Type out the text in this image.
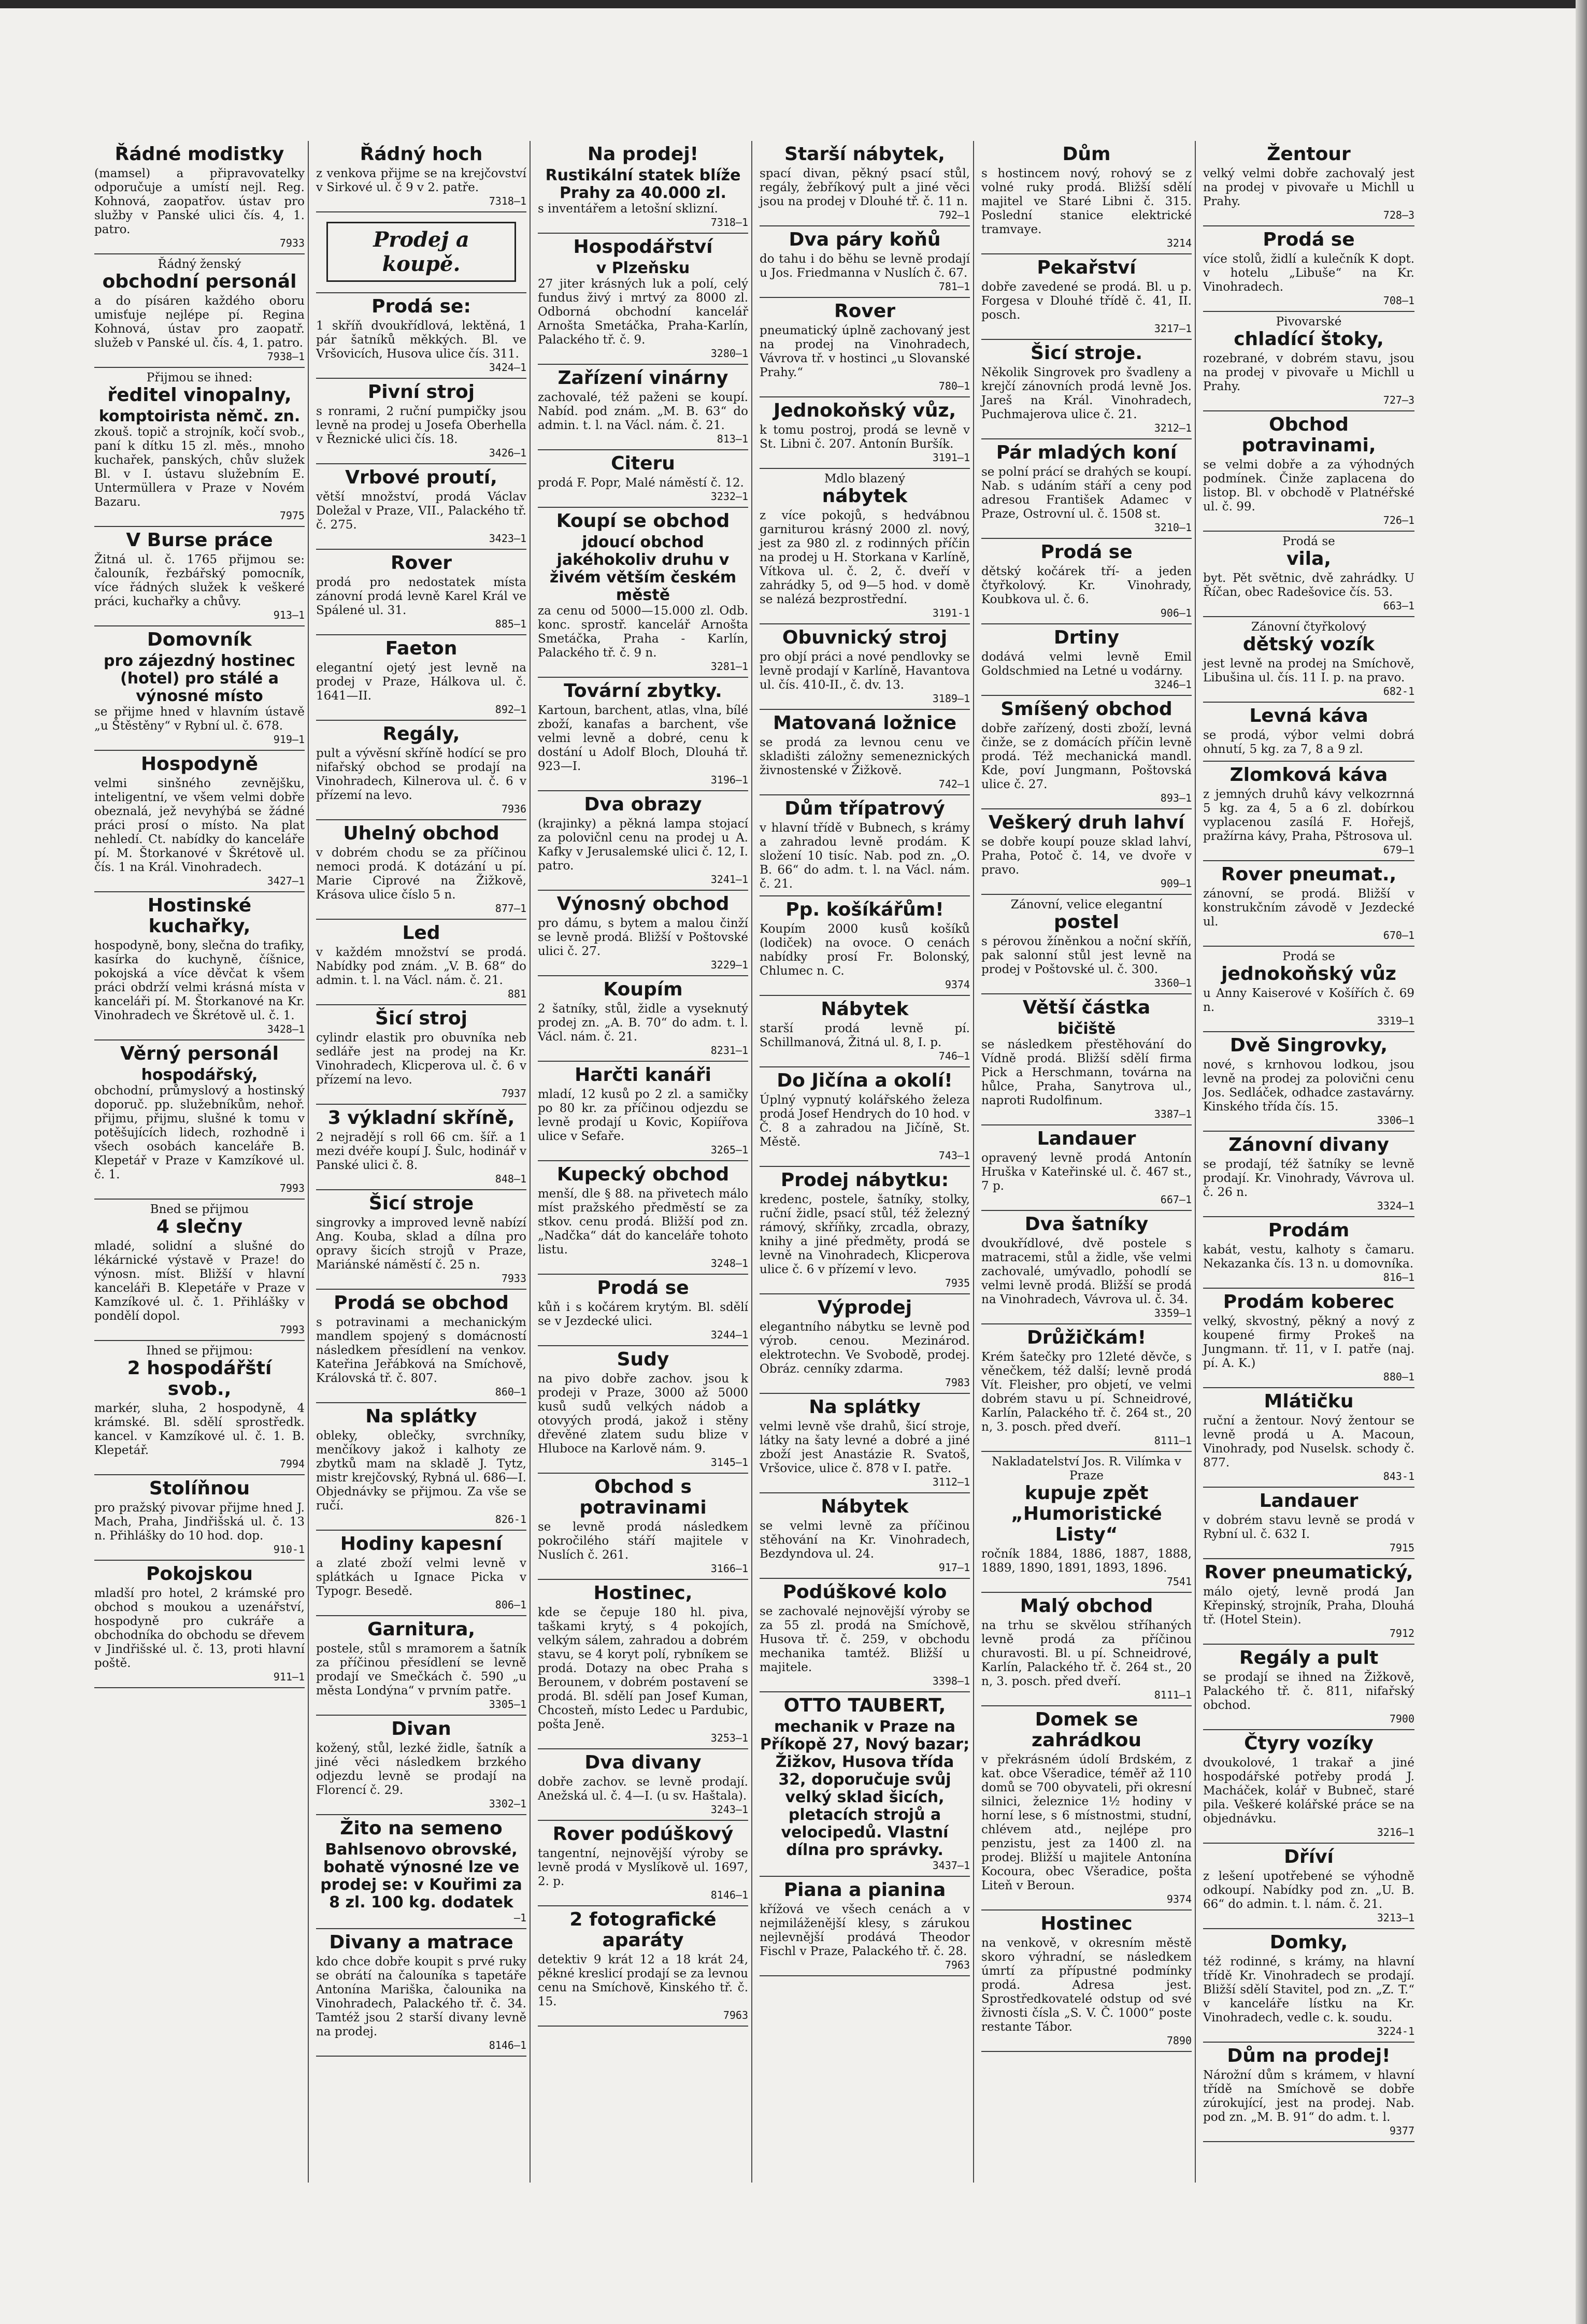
Řádné modistky
(mamsel) a připravovatelky odporučuje a umístí nejl. Reg. Kohnová, zaopatřov. ústav pro služby v Panské ulici čís. 4, 1. patro.
7933
Řádný ženský
obchodní personál
a do písáren každého oboru umisťuje nejlépe pí. Regina Kohnová, ústav pro zaopatř. služeb v Panské ul. čís. 4, 1. patro.
7938—1
Přijmou se ihned:
ředitel vinopalny,
komptoirista němč. zn.
zkouš. topič a strojník, kočí svob., paní k dítku 15 zl. měs., mnoho kuchařek, panských, chův služek Bl. v I. ústavu služebním E. Untermüllera v Praze v Novém Bazaru.
7975
V Burse práce
Žitná ul. č. 1765 přijmou se: čalouník, řezbářský pomocník, více řádných služek k veškeré práci, kuchařky a chůvy.
913—1
Domovník
pro zájezdný hostinec (hotel) pro stálé a výnosné místo
se přijme hned v hlavním ústavě „u Štěstěny“ v Rybní ul. č. 678.
919—1
Hospodyně
velmi sinšného zevnějšku, inteligentní, ve všem velmi dobře obeznalá, jež nevyhýbá se žádné práci prosí o místo. Na plat nehledí. Ct. nabídky do kanceláře pí. M. Štorkanové v Škrétově ul. čís. 1 na Král. Vinohradech.
3427—1
Hostinské kuchařky,
hospodyně, bony, slečna do trafiky, kasírka do kuchyně, číšnice, pokojská a více děvčat k všem práci obdrží velmi krásná místa v kanceláři pí. M. Štorkanové na Kr. Vinohradech ve Škrétově ul. č. 1.
3428—1
Věrný personál
hospodářský,
obchodní, průmyslový a hostinský doporuč. pp. služebníkům, nehoř. přijmu, přijmu, slušné k tomu v potěšujících lidech, rozhodně i všech osobách kanceláře B. Klepetář v Praze v Kamzíkové ul. č. 1.
7993
Bned se přijmou
4 slečny
mladé, solidní a slušné do lékárnické výstavě v Praze! do výnosn. míst. Bližší v hlavní kanceláři B. Klepetáře v Praze v Kamzíkové ul. č. 1. Přihlášky v pondělí dopol.
7993
Ihned se přijmou:
2 hospodářští svob.,
markér, sluha, 2 hospodyně, 4 krámské. Bl. sdělí sprostředk. kancel. v Kamzíkové ul. č. 1. B. Klepetář.
7994
Stolíňnou
pro pražský pivovar přijme hned J. Mach, Praha, Jindřišská ul. č. 13 n. Přihlášky do 10 hod. dop.
910-1
Pokojskou
mladší pro hotel, 2 krámské pro obchod s moukou a uzenářství, hospodyně pro cukráře a obchodníka do obchodu se dřevem v Jindřišské ul. č. 13, proti hlavní poště.
911—1
Řádný hoch
z venkova přijme se na krejčovství v Sirkové ul. č 9 v 2. patře.
7318—1
Prodej a koupě.
Prodá se:
1 skříň dvoukřídlová, lektěná, 1 pár šatníků měkkých. Bl. ve Vršovicích, Husova ulice čís. 311.
3424—1
Pivní stroj
s ronrami, 2 ruční pumpičky jsou levně na prodej u Josefa Oberhella v Řeznické ulici čís. 18.
3426—1
Vrbové proutí,
větší množství, prodá Václav Doležal v Praze, VII., Palackého tř. č. 275.
3423—1
Rover
prodá pro nedostatek místa zánovní prodá levně Karel Král ve Spálené ul. 31.
885—1
Faeton
elegantní ojetý jest levně na prodej v Praze, Hálkova ul. č. 1641—II.
892—1
Regály,
pult a vývěsní skříně hodící se pro nifařský obchod se prodají na Vinohradech, Kilnerova ul. č. 6 v přízemí na levo.
7936
Uhelný obchod
v dobrém chodu se za příčinou nemoci prodá. K dotázání u pí. Marie Ciprové na Žižkově, Krásova ulice číslo 5 n.
877—1
Led
v každém množství se prodá. Nabídky pod znám. „V. B. 68“ do admin. t. l. na Václ. nám. č. 21.
881
Šicí stroj
cylindr elastik pro obuvníka neb sedláře jest na prodej na Kr. Vinohradech, Klicperova ul. č. 6 v přízemí na levo.
7937
3 výkladní skříně,
2 nejradějí s roll 66 cm. šíř. a 1 mezi dvéře koupí J. Šulc, hodinář v Panské ulici č. 8.
848—1
Šicí stroje
singrovky a improved levně nabízí Ang. Kouba, sklad a dílna pro opravy šicích strojů v Praze, Mariánské náměstí č. 25 n.
7933
Prodá se obchod
s potravinami a mechanickým mandlem spojený s domácností následkem přesídlení na venkov. Kateřina Jeřábková na Smíchově, Královská tř. č. 807.
860—1
Na splátky
obleky, oblečky, svrchníky, menčíkovy jakož i kalhoty ze zbytků mam na skladě J. Tytz, mistr krejčovský, Rybná ul. 686—I. Objednávky se přijmou. Za vše se ručí.
826-1
Hodiny kapesní
a zlaté zboží velmi levně v splátkách u Ignace Picka v Typogr. Besedě.
806—1
Garnitura,
postele, stůl s mramorem a šatník za příčinou přesídlení se levně prodají ve Smečkách č. 590 „u města Londýna“ v prvním patře.
3305—1
Divan
kožený, stůl, lezké židle, šatník a jiné věci následkem brzkého odjezdu levně se prodají na Florencí č. 29.
3302—1
Žito na semeno
Bahlsenovo obrovské, bohatě výnosné lze ve prodej se: v Kouřimi za 8 zl. 100 kg. dodatek
—1
Divany a matrace
kdo chce dobře koupit s prvé ruky se obrátí na čalouníka s tapetáře Antonína Mariška, čalounika na Vinohradech, Palackého tř. č. 34. Tamtéž jsou 2 starší divany levně na prodej.
8146—1
Na prodej!
Rustikální statek blíže Prahy za 40.000 zl.
s inventářem a letošní sklizní.
7318—1
Hospodářství
v Plzeňsku
27 jiter krásných luk a polí, celý fundus živý i mrtvý za 8000 zl. Odborná obchodní kancelář Arnošta Smetáčka, Praha-Karlín, Palackého tř. č. 9.
3280—1
Zařízení vinárny
zachovalé, též paženi se koupí. Nabíd. pod znám. „M. B. 63“ do admin. t. l. na Václ. nám. č. 21.
813—1
Citeru
prodá F. Popr, Malé náměstí č. 12.
3232—1
Koupí se obchod
jdoucí obchod jakéhokoliv druhu v živém větším českém městě
za cenu od 5000—15.000 zl. Odb. konc. sprostř. kancelář Arnošta Smetáčka, Praha - Karlín, Palackého tř. č. 9 n.
3281—1
Tovární zbytky.
Kartoun, barchent, atlas, vlna, bílé zboží, kanafas a barchent, vše velmi levně a dobré, cenu k dostání u Adolf Bloch, Dlouhá tř. 923—I.
3196—1
Dva obrazy
(krajinky) a pěkná lampa stojací za polovičnl cenu na prodej u A. Kafky v Jerusalemské ulici č. 12, I. patro.
3241—1
Výnosný obchod
pro dámu, s bytem a malou činží se levně prodá. Bližší v Poštovské ulici č. 27.
3229—1
Koupím
2 šatníky, stůl, židle a vyseknutý prodej zn. „A. B. 70“ do adm. t. l. Václ. nám. č. 21.
8231—1
Harčti kanáři
mladí, 12 kusů po 2 zl. a samičky po 80 kr. za příčinou odjezdu se levně prodají u Kovic, Kopiířova ulice v Sefaře.
3265—1
Kupecký obchod
menší, dle § 88. na přivetech málo míst pražského předměstí se za stkov. cenu prodá. Bližší pod zn. „Nadčka“ dát do kanceláře tohoto listu.
3248—1
Prodá se
kůň i s kočárem krytým. Bl. sdělí se v Jezdecké ulici.
3244—1
Sudy
na pivo dobře zachov. jsou k prodeji v Praze, 3000 až 5000 kusů sudů velkých nádob a otovyých prodá, jakož i stěny dřevěné zlatem sudu blize v Hluboce na Karlově nám. 9.
3145—1
Obchod s potravinami
se levně prodá následkem pokročilého stáří majitele v Nuslích č. 261.
3166—1
Hostinec,
kde se čepuje 180 hl. piva, taškami krytý, s 4 pokojích, velkým sálem, zahradou a dobrém stavu, se 4 koryt polí, rybníkem se prodá. Dotazy na obec Praha s Berounem, v dobrém postavení se prodá. Bl. sdělí pan Josef Kuman, Chcosteň, místo Ledec u Pardubic, pošta Jeně.
3253—1
Dva divany
dobře zachov. se levně prodají. Anežská ul. č. 4—I. (u sv. Haštala).
3243—1
Rover podúškový
tangentní, nejnovější výroby se levně prodá v Myslíkově ul. 1697, 2. p.
8146—1
2 fotografické aparáty
detektiv 9 krát 12 a 18 krát 24, pěkné kreslicí prodají se za levnou cenu na Smíchově, Kinského tř. č. 15.
7963
Starší nábytek,
spací divan, pěkný psací stůl, regály, žebříkový pult a jiné věci jsou na prodej v Dlouhé tř. č. 11 n.
792—1
Dva páry koňů
do tahu i do běhu se levně prodají u Jos. Friedmanna v Nuslích č. 67.
781—1
Rover
pneumatický úplně zachovaný jest na prodej na Vinohradech, Vávrova tř. v hostinci „u Slovanské Prahy.“
780—1
Jednokoňský vůz,
k tomu postroj, prodá se levně v St. Libni č. 207. Antonín Buršík.
3191—1
Mdlo blazený
nábytek
z více pokojů, s hedvábnou garniturou krásný 2000 zl. nový, jest za 980 zl. z rodinných příčin na prodej u H. Storkana v Karlíně, Vítkova ul. č. 2, č. dveří v zahrádky 5, od 9—5 hod. v domě se nalézá bezprostřední.
3191-1
Obuvnický stroj
pro objí práci a nové pendlovky se levně prodají v Karlíně, Havantova ul. čís. 410-II., č. dv. 13.
3189—1
Matovaná ložnice
se prodá za levnou cenu ve skladišti záložny semeneznických živnostenské v Žižkově.
742—1
Dům třípatrový
v hlavní třídě v Bubnech, s krámy a zahradou levně prodám. K složení 10 tisíc. Nab. pod zn. „O. B. 66“ do adm. t. l. na Václ. nám. č. 21.
Pp. košíkářům!
Koupím 2000 kusů košíků (lodiček) na ovoce. O cenách nabídky prosí Fr. Bolonský, Chlumec n. C.
9374
Nábytek
starší prodá levně pí. Schillmanová, Žitná ul. 8, I. p.
746—1
Do Jičína a okolí!
Úplný vypnutý kolářského železa prodá Josef Hendrych do 10 hod. v Č. 8 a zahradou na Jičíně, St. Městě.
743—1
Prodej nábytku:
kredenc, postele, šatníky, stolky, ruční židle, psací stůl, též železný rámový, skříňky, zrcadla, obrazy, knihy a jiné předměty, prodá se levně na Vinohradech, Klicperova ulice č. 6 v přízemí v levo.
7935
Výprodej
elegantního nábytku se levně pod výrob. cenou. Mezinárod. elektrotechn. Ve Svobodě, prodej. Obráz. cenníky zdarma.
7983
Na splátky
velmi levně vše drahů, šicí stroje, látky na šaty levné a dobré a jiné zboží jest Anastázie R. Svatoš, Vršovice, ulice č. 878 v I. patře.
3112—1
Nábytek
se velmi levně za příčinou stěhování na Kr. Vinohradech, Bezdyndova ul. 24.
917—1
Podúškové kolo
se zachovalé nejnovější výroby se za 55 zl. prodá na Smíchově, Husova tř. č. 259, v obchodu mechanika tamtéž. Bližší u majitele.
3398—1
OTTO TAUBERT,
mechanik v Praze na Příkopě 27, Nový bazar; Žižkov, Husova třída 32, doporučuje svůj velký sklad šicích, pletacích strojů a velocipedů. Vlastní dílna pro správky.
3437—1
Piana a pianina
křížová ve všech cenách a v nejmiláženější klesy, s zárukou nejlevnější prodává Theodor Fischl v Praze, Palackého tř. č. 28.
7963
Dům
s hostincem nový, rohový se z volné ruky prodá. Bližší sdělí majitel ve Staré Libni č. 315. Poslední stanice elektrické tramvaye.
3214
Pekařství
dobře zavedené se prodá. Bl. u p. Forgesa v Dlouhé třídě č. 41, II. posch.
3217—1
Šicí stroje.
Několik Singrovek pro švadleny a krejčí zánovních prodá levně Jos. Jareš na Král. Vinohradech, Puchmajerova ulice č. 21.
3212—1
Pár mladých koní
se polní prácí se drahých se koupí. Nab. s udáním stáří a ceny pod adresou František Adamec v Praze, Ostrovní ul. č. 1508 st.
3210—1
Prodá se
dětský kočárek tří- a jeden čtyřkolový. Kr. Vinohrady, Koubkova ul. č. 6.
906—1
Drtiny
dodává velmi levně Emil Goldschmied na Letné u vodárny.
3246—1
Smíšený obchod
dobře zařízený, dosti zboží, levná činže, se z domácích příčin levně prodá. Též mechanická mandl. Kde, poví Jungmann, Poštovská ulice č. 27.
893—1
Veškerý druh lahví
se dobře koupí pouze sklad lahví, Praha, Potoč č. 14, ve dvoře v pravo.
909—1
Zánovní, velice elegantní
postel
s pérovou žíněnkou a noční skříň, pak salonní stůl jest levně na prodej v Poštovské ul. č. 300.
3360—1
Větší částka
bičiště
se následkem přestěhování do Vídně prodá. Bližší sdělí firma Pick a Herschmann, továrna na hůlce, Praha, Sanytrova ul., naproti Rudolfinum.
3387—1
Landauer
opravený levně prodá Antonín Hruška v Kateřinské ul. č. 467 st., 7 p.
667—1
Dva šatníky
dvoukřídlové, dvě postele s matracemi, stůl a židle, vše velmi zachovalé, umývadlo, pohodlí se velmi levně prodá. Bližší se prodá na Vinohradech, Vávrova ul. č. 34.
3359—1
Drůžičkám!
Krém šatečky pro 12leté děvče, s věnečkem, též další; levně prodá Vít. Fleisher, pro objetí, ve velmi dobrém stavu u pí. Schneidrové, Karlín, Palackého tř. č. 264 st., 20 n, 3. posch. před dveří.
8111—1
Nakladatelství Jos. R. Vilímka v Praze
kupuje zpět „Humoristické Listy“
ročník 1884, 1886, 1887, 1888, 1889, 1890, 1891, 1893, 1896.
7541
Malý obchod
na trhu se skvělou stříhaných levně prodá za příčinou churavosti. Bl. u pí. Schneidrové, Karlín, Palackého tř. č. 264 st., 20 n, 3. posch. před dveří.
8111—1
Domek se zahrádkou
v překrásném údolí Brdském, z kat. obce Všeradice, téměř až 110 domů se 700 obyvateli, při okresní silnici, železnice 1½ hodiny v horní lese, s 6 místnostmi, studní, chlévem atd., nejlépe pro penzistu, jest za 1400 zl. na prodej. Bližší u majitele Antonína Kocoura, obec Všeradice, pošta Liteň v Beroun.
9374
Hostinec
na venkově, v okresním městě skoro výhradní, se následkem úmrtí za přípustné podmínky prodá. Adresa jest. Sprostředkovatelé odstup od své živnosti čísla „S. V. Č. 1000“ poste restante Tábor.
7890
Žentour
velký velmi dobře zachovalý jest na prodej v pivovaře u Michll u Prahy.
728—3
Prodá se
více stolů, židlí a kulečník K dopt. v hotelu „Libuše“ na Kr. Vinohradech.
708—1
Pivovarské
chladící štoky,
rozebrané, v dobrém stavu, jsou na prodej v pivovaře u Michll u Prahy.
727—3
Obchod potravinami,
se velmi dobře a za výhodných podmínek. Činže zaplacena do listop. Bl. v obchodě v Platnéřské ul. č. 99.
726—1
Prodá se
vila,
byt. Pět světnic, dvě zahrádky. U Říčan, obec Radešovice čís. 53.
663—1
Zánovní čtyřkolový
dětský vozík
jest levně na prodej na Smíchově, Libušina ul. čís. 11 I. p. na pravo.
682-1
Levná káva
se prodá, výbor velmi dobrá ohnutí, 5 kg. za 7, 8 a 9 zl.
Zlomková káva
z jemných druhů kávy velkozrnná 5 kg. za 4, 5 a 6 zl. dobírkou vyplacenou zasílá F. Hořejš, pražírna kávy, Praha, Pštrosova ul.
679—1
Rover pneumat.,
zánovní, se prodá. Bližší v konstrukčním závodě v Jezdecké ul.
670—1
Prodá se
jednokoňský vůz
u Anny Kaiserové v Košířích č. 69 n.
3319—1
Dvě Singrovky,
nové, s krnhovou lodkou, jsou levně na prodej za polovični cenu Jos. Sedláček, odhadce zastavárny. Kinského třída čís. 15.
3306—1
Zánovní divany
se prodají, též šatníky se levně prodají. Kr. Vinohrady, Vávrova ul. č. 26 n.
3324—1
Prodám
kabát, vestu, kalhoty s čamaru. Nekazanka čís. 13 n. u domovníka.
816—1
Prodám koberec
velký, skvostný, pěkný a nový z koupené firmy Prokeš na Jungmann. tř. 11, v I. patře (naj. pí. A. K.)
880—1
Mlátičku
ruční a žentour. Nový žentour se levně prodá u A. Macoun, Vinohrady, pod Nuselsk. schody č. 877.
843-1
Landauer
v dobrém stavu levně se prodá v Rybní ul. č. 632 I.
7915
Rover pneumatický,
málo ojetý, levně prodá Jan Křepinský, strojník, Praha, Dlouhá tř. (Hotel Stein).
7912
Regály a pult
se prodají se ihned na Žižkově, Palackého tř. č. 811, nifařský obchod.
7900
Čtyry vozíky
dvoukolové, 1 trakař a jiné hospodářské potřeby prodá J. Macháček, kolář v Bubneč, staré pila. Veškeré kolářské práce se na objednávku.
3216—1
Dříví
z lešení upotřebené se výhodně odkoupí. Nabídky pod zn. „U. B. 66“ do admin. t. l. nám. č. 21.
3213—1
Domky,
též rodinné, s krámy, na hlavní třídě Kr. Vinohradech se prodají. Bližší sdělí Stavitel, pod zn. „Z. T.“ v kanceláře lístku na Kr. Vinohradech, vedle c. k. soudu.
3224-1
Dům na prodej!
Nárožní dům s krámem, v hlavní třídě na Smíchově se dobře zúrokující, jest na prodej. Nab. pod zn. „M. B. 91“ do adm. t. l.
9377
